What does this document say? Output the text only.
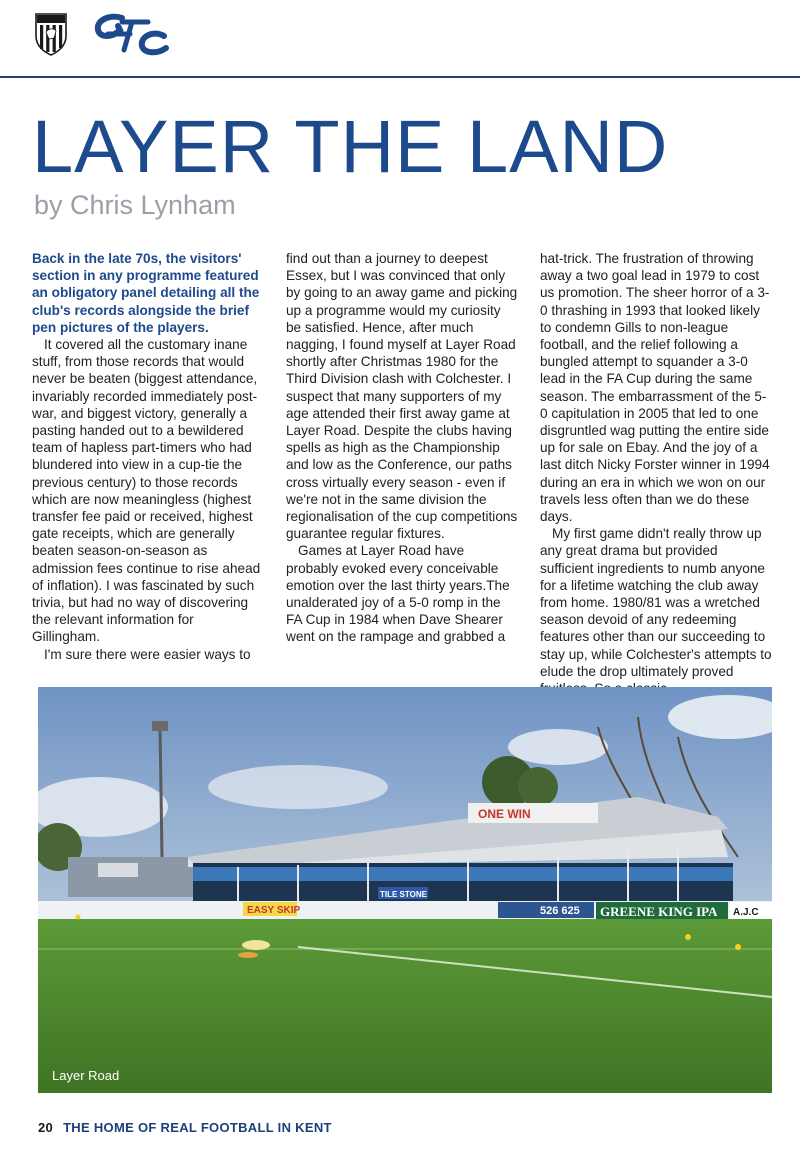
LAYER THE LAND

by Chris Lynham

Back in the late 70s, the visitors' section in any programme featured an obligatory panel detailing all the club's records alongside the brief pen pictures of the players.

It covered all the customary inane stuff, from those records that would never be beaten (biggest attendance, invariably recorded immediately post-war, and biggest victory, generally a pasting handed out to a bewildered team of hapless part-timers who had blundered into view in a cup-tie the previous century) to those records which are now meaningless (highest transfer fee paid or received, highest gate receipts, which are generally beaten season-on-season as admission fees continue to rise ahead of inflation). I was fascinated by such trivia, but had no way of discovering the relevant information for Gillingham.

I'm sure there were easier ways to

find out than a journey to deepest Essex, but I was convinced that only by going to an away game and picking up a programme would my curiosity be satisfied. Hence, after much nagging, I found myself at Layer Road shortly after Christmas 1980 for the Third Division clash with Colchester. I suspect that many supporters of my age attended their first away game at Layer Road. Despite the clubs having spells as high as the Championship and low as the Conference, our paths cross virtually every season - even if we're not in the same division the regionalisation of the cup competitions guarantee regular fixtures.

Games at Layer Road have probably evoked every conceivable emotion over the last thirty years.The unalderated joy of a 5-0 romp in the FA Cup in 1984 when Dave Shearer went on the rampage and grabbed a

hat-trick. The frustration of throwing away a two goal lead in 1979 to cost us promotion. The sheer horror of a 3-0 thrashing in 1993 that looked likely to condemn Gills to non-league football, and the relief following a bungled attempt to squander a 3-0 lead in the FA Cup during the same season. The embarrassment of the 5-0 capitulation in 2005 that led to one disgruntled wag putting the entire side up for sale on Ebay. And the joy of a last ditch Nicky Forster winner in 1994 during an era in which we won on our travels less often than we do these days.

My first game didn't really throw up any great drama but provided sufficient ingredients to numb anyone for a lifetime watching the club away from home. 1980/81 was a wretched season devoid of any redeeming features other than our succeeding to stay up, while Colchester's attempts to elude the drop ultimately proved

ONE WIN
EASY SKIP
TILE STONE
526 625 GREENE KING IPA A.J.C
Layer Road
20 THE HOME OF REAL FOOTBALL IN KENT
